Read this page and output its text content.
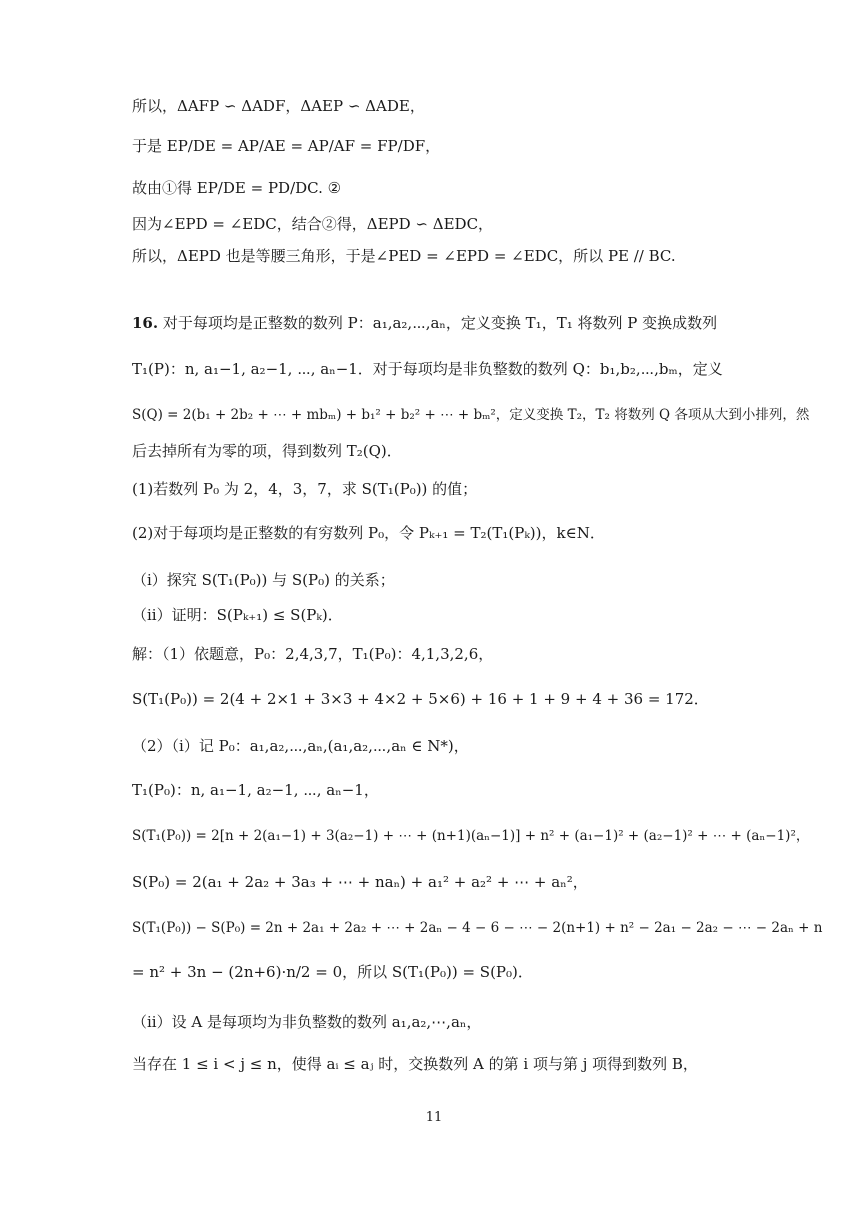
所以，ΔAFP ∽ ΔADF，ΔAEP ∽ ΔADE，
于是 EP/DE = AP/AE = AP/AF = FP/DF，
故由①得 EP/DE = PD/DC. ②
因为∠EPD = ∠EDC，结合②得，ΔEPD ∽ ΔEDC，
所以，ΔEPD 也是等腰三角形，于是∠PED = ∠EPD = ∠EDC，所以 PE // BC.
16. 对于每项均是正整数的数列 P：a₁,a₂,⋯,aₙ，定义变换 T₁，T₁ 将数列 P 变换成数列
T₁(P)：n, a₁−1, a₂−1, ⋯, aₙ−1．对于每项均是非负整数的数列 Q：b₁,b₂,⋯,bₘ，定义
S(Q) = 2(b₁ + 2b₂ + ⋯ + mbₘ) + b₁² + b₂² + ⋯ + bₘ²，定义变换 T₂，T₂ 将数列 Q 各项从大到小排列，然
后去掉所有为零的项，得到数列 T₂(Q)．
(1)若数列 P₀ 为 2，4，3，7，求 S(T₁(P₀)) 的值；
(2)对于每项均是正整数的有穷数列 P₀，令 Pₖ₊₁ = T₂(T₁(Pₖ))，k∈N．
（i）探究 S(T₁(P₀)) 与 S(P₀) 的关系；
（ii）证明：S(Pₖ₊₁) ≤ S(Pₖ)．
解：（1）依题意，P₀：2,4,3,7，T₁(P₀)：4,1,3,2,6，
S(T₁(P₀)) = 2(4 + 2×1 + 3×3 + 4×2 + 5×6) + 16 + 1 + 9 + 4 + 36 = 172．
（2）（i）记 P₀：a₁,a₂,⋯,aₙ,(a₁,a₂,⋯,aₙ ∈ N*)，
T₁(P₀)：n, a₁−1, a₂−1, ⋯, aₙ−1，
S(T₁(P₀)) = 2[n + 2(a₁−1) + 3(a₂−1) + ⋯ + (n+1)(aₙ−1)] + n² + (a₁−1)² + (a₂−1)² + ⋯ + (aₙ−1)²，
S(P₀) = 2(a₁ + 2a₂ + 3a₃ + ⋯ + naₙ) + a₁² + a₂² + ⋯ + aₙ²，
S(T₁(P₀)) − S(P₀) = 2n + 2a₁ + 2a₂ + ⋯ + 2aₙ − 4 − 6 − ⋯ − 2(n+1) + n² − 2a₁ − 2a₂ − ⋯ − 2aₙ + n
= n² + 3n − (2n+6)·n/2 = 0，所以 S(T₁(P₀)) = S(P₀)．
（ii）设 A 是每项均为非负整数的数列 a₁,a₂,⋯,aₙ，
当存在 1 ≤ i < j ≤ n，使得 aᵢ ≤ aⱼ 时，交换数列 A 的第 i 项与第 j 项得到数列 B，
11
